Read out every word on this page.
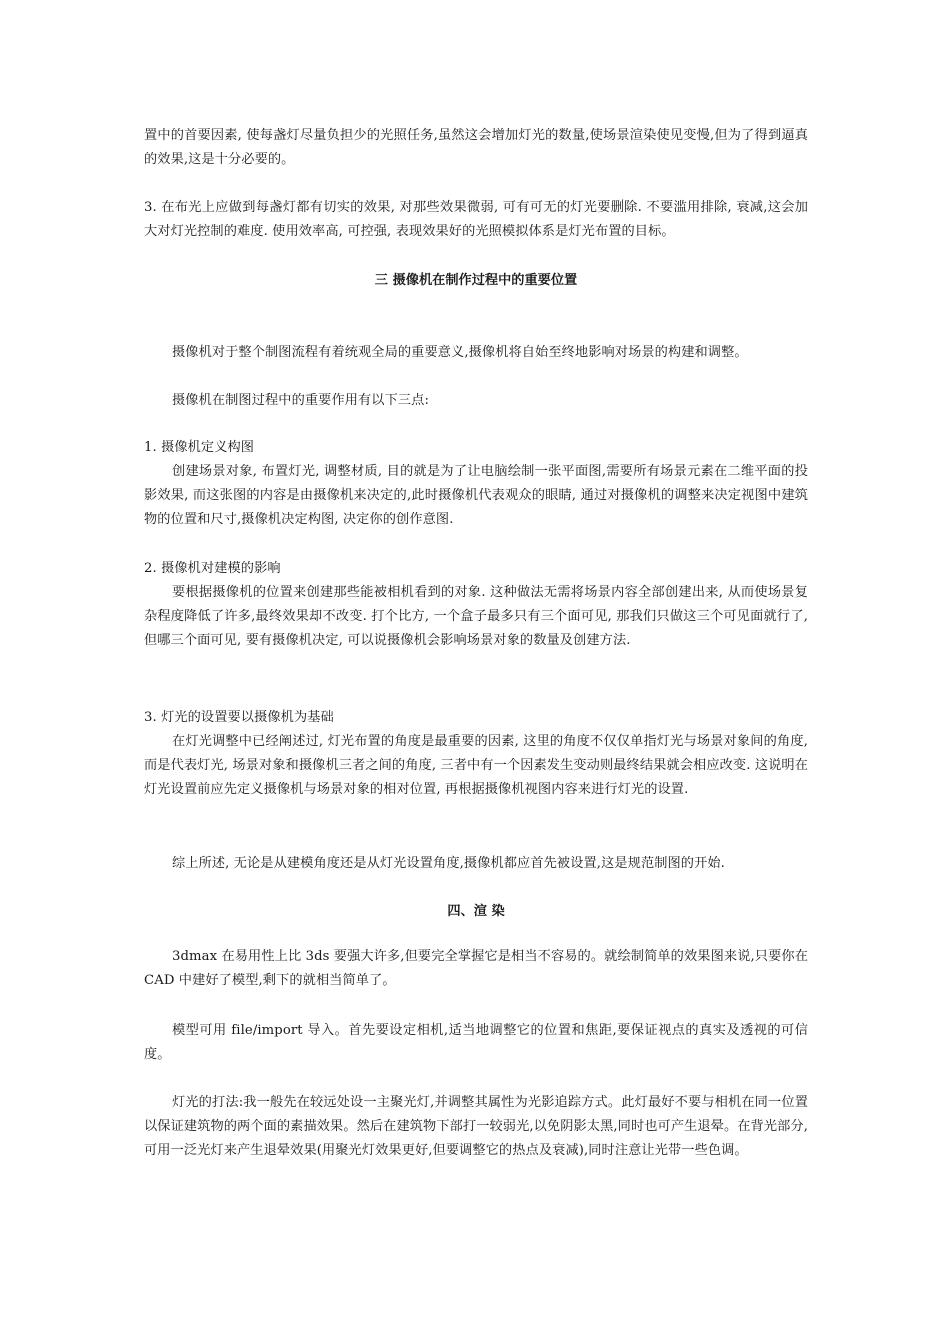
置中的首要因素, 使每盏灯尽量负担少的光照任务,虽然这会增加灯光的数量,使场景渲染使见变慢,但为了得到逼真的效果,这是十分必要的。
3. 在布光上应做到每盏灯都有切实的效果, 对那些效果微弱, 可有可无的灯光要删除. 不要滥用排除, 衰减,这会加大对灯光控制的难度. 使用效率高, 可控强, 表现效果好的光照模拟体系是灯光布置的目标。
三 摄像机在制作过程中的重要位置
摄像机对于整个制图流程有着统观全局的重要意义,摄像机将自始至终地影响对场景的构建和调整。
摄像机在制图过程中的重要作用有以下三点:
1. 摄像机定义构图
创建场景对象, 布置灯光, 调整材质, 目的就是为了让电脑绘制一张平面图,需要所有场景元素在二维平面的投影效果, 而这张图的内容是由摄像机来决定的,此时摄像机代表观众的眼睛, 通过对摄像机的调整来决定视图中建筑物的位置和尺寸,摄像机决定构图, 决定你的创作意图.
2. 摄像机对建模的影响
要根据摄像机的位置来创建那些能被相机看到的对象. 这种做法无需将场景内容全部创建出来, 从而使场景复杂程度降低了许多,最终效果却不改变. 打个比方, 一个盒子最多只有三个面可见, 那我们只做这三个可见面就行了, 但哪三个面可见, 要有摄像机决定, 可以说摄像机会影响场景对象的数量及创建方法.
3. 灯光的设置要以摄像机为基础
在灯光调整中已经阐述过, 灯光布置的角度是最重要的因素, 这里的角度不仅仅单指灯光与场景对象间的角度,而是代表灯光, 场景对象和摄像机三者之间的角度, 三者中有一个因素发生变动则最终结果就会相应改变. 这说明在灯光设置前应先定义摄像机与场景对象的相对位置, 再根据摄像机视图内容来进行灯光的设置.
综上所述, 无论是从建模角度还是从灯光设置角度,摄像机都应首先被设置,这是规范制图的开始.
四、渲 染
3dmax 在易用性上比 3ds 要强大许多,但要完全掌握它是相当不容易的。就绘制简单的效果图来说,只要你在 CAD 中建好了模型,剩下的就相当简单了。
模型可用 file/import 导入。首先要设定相机,适当地调整它的位置和焦距,要保证视点的真实及透视的可信度。
灯光的打法:我一般先在较远处设一主聚光灯,并调整其属性为光影追踪方式。此灯最好不要与相机在同一位置以保证建筑物的两个面的素描效果。然后在建筑物下部打一较弱光,以免阴影太黑,同时也可产生退晕。在背光部分,可用一泛光灯来产生退晕效果(用聚光灯效果更好,但要调整它的热点及衰减),同时注意让光带一些色调。
